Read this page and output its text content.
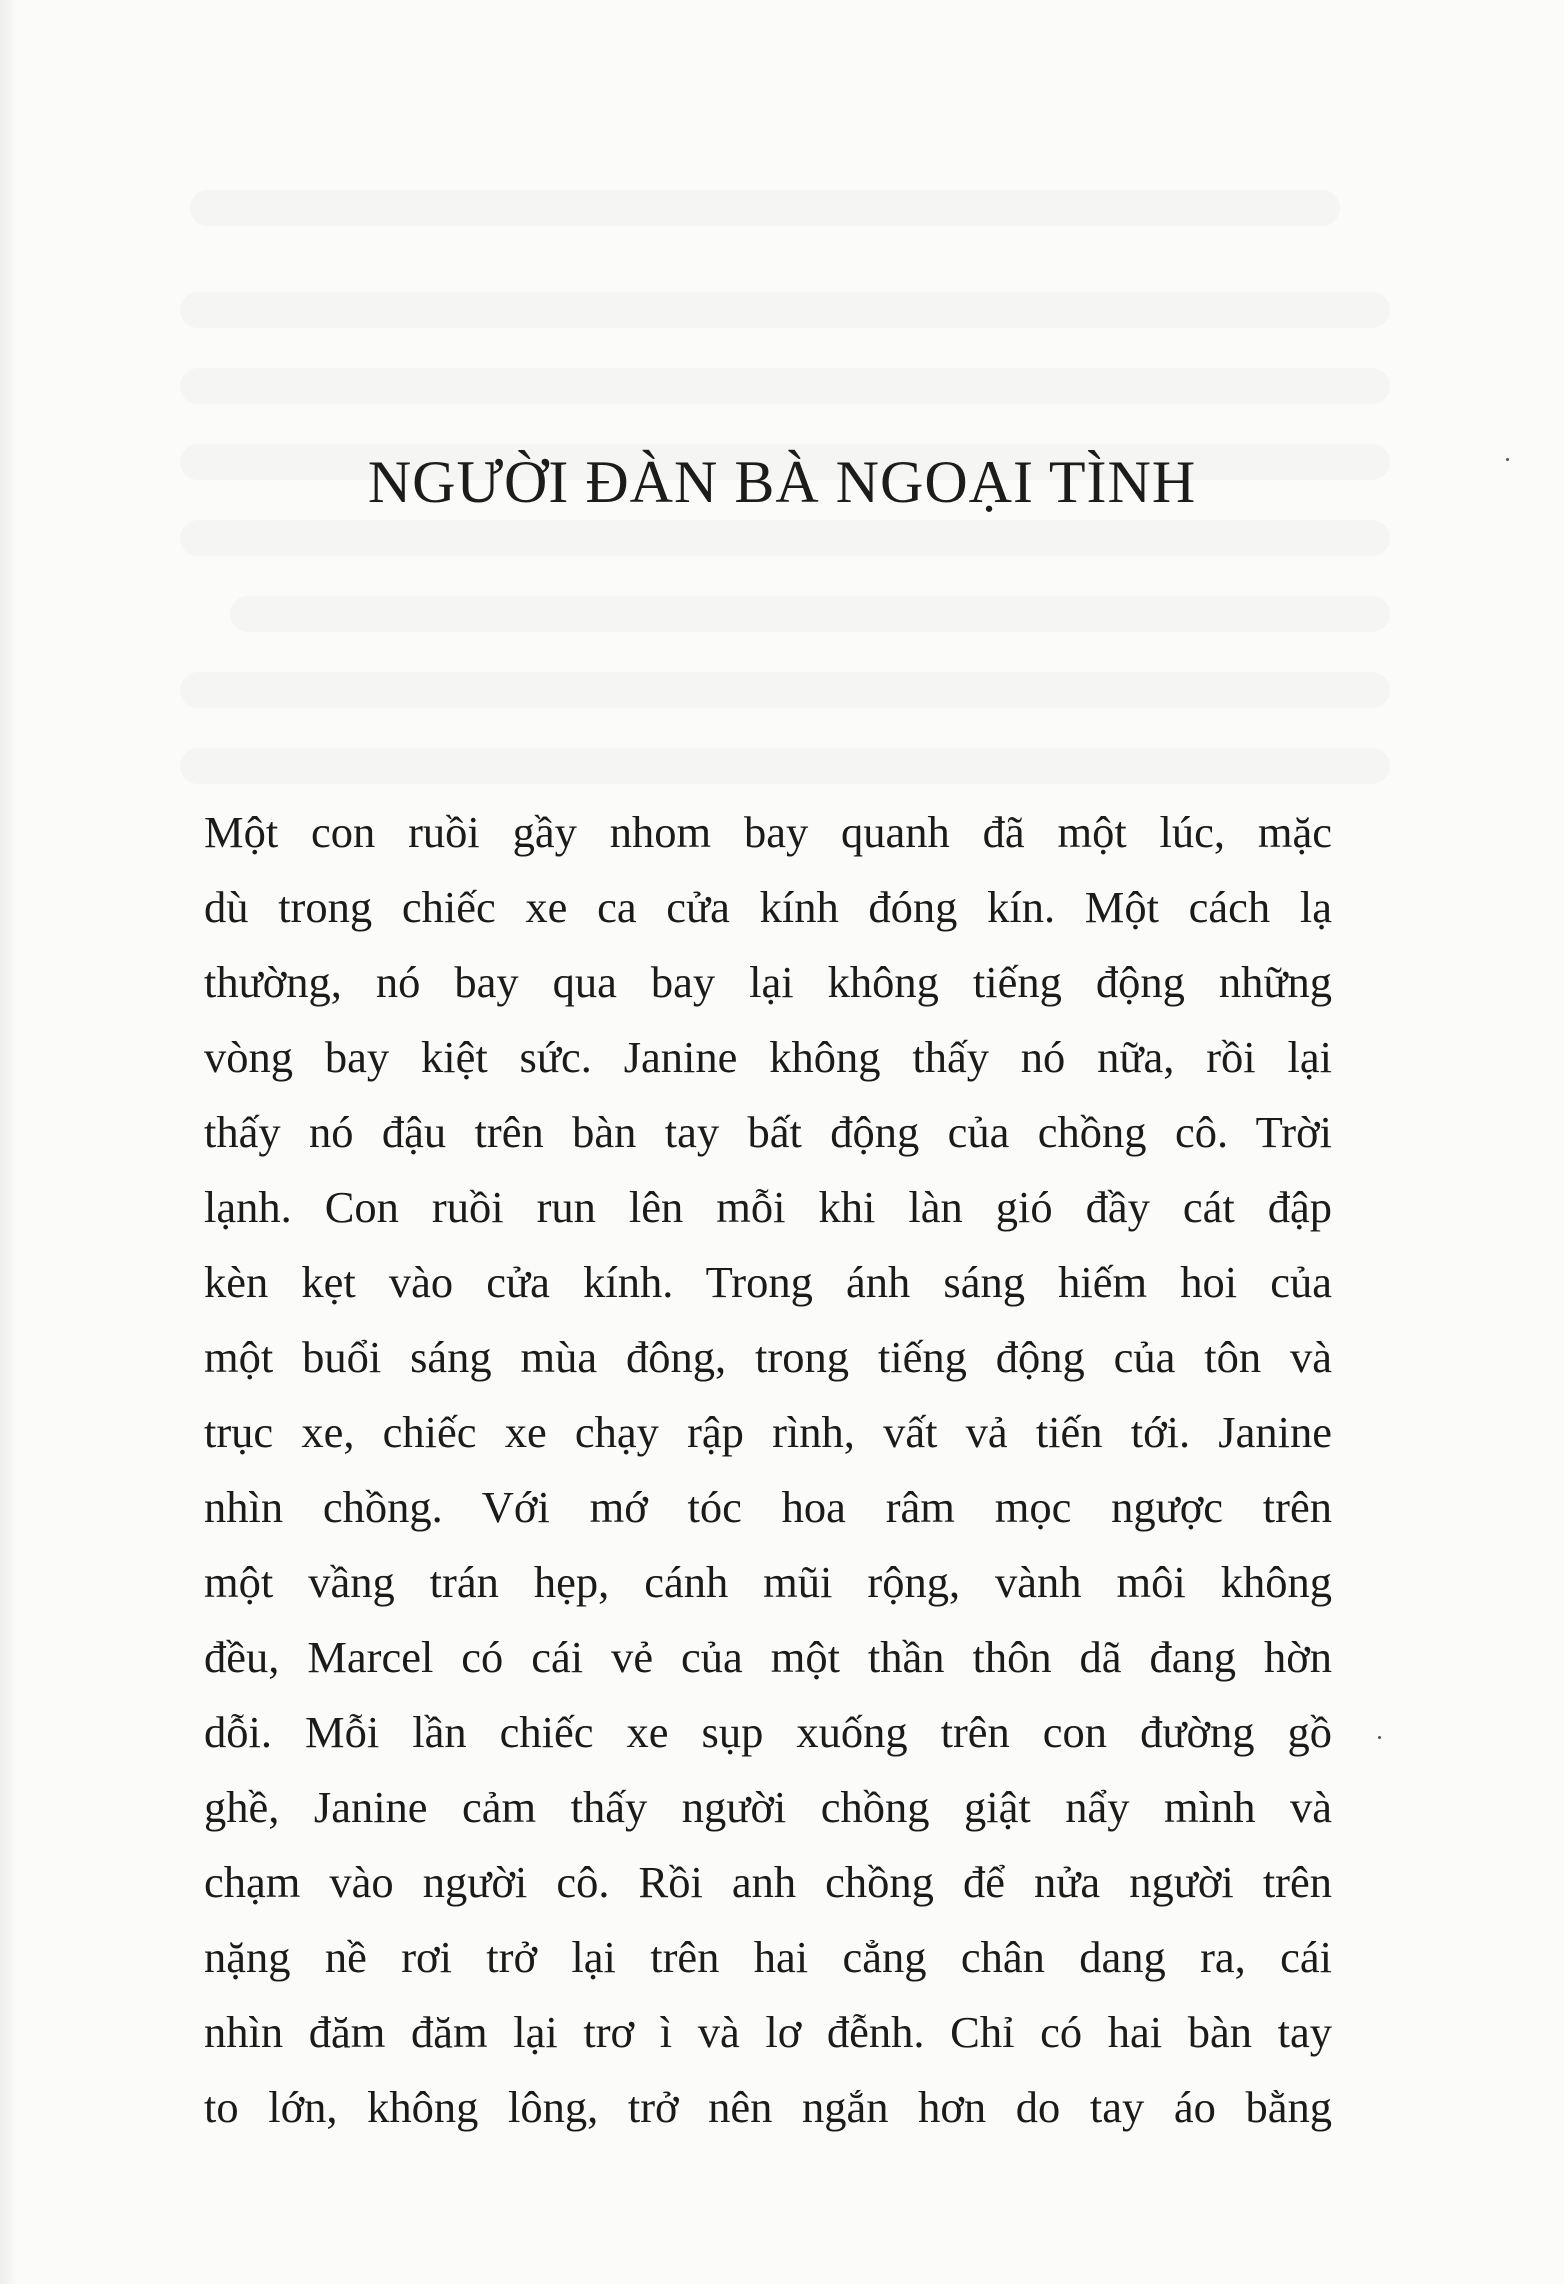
NGƯỜI ĐÀN BÀ NGOẠI TÌNH
Một con ruồi gầy nhom bay quanh đã một lúc, mặc
dù trong chiếc xe ca cửa kính đóng kín. Một cách lạ
thường, nó bay qua bay lại không tiếng động những
vòng bay kiệt sức. Janine không thấy nó nữa, rồi lại
thấy nó đậu trên bàn tay bất động của chồng cô. Trời
lạnh. Con ruồi run lên mỗi khi làn gió đầy cát đập
kèn kẹt vào cửa kính. Trong ánh sáng hiếm hoi của
một buổi sáng mùa đông, trong tiếng động của tôn và
trục xe, chiếc xe chạy rập rình, vất vả tiến tới. Janine
nhìn chồng. Với mớ tóc hoa râm mọc ngược trên
một vầng trán hẹp, cánh mũi rộng, vành môi không
đều, Marcel có cái vẻ của một thần thôn dã đang hờn
dỗi. Mỗi lần chiếc xe sụp xuống trên con đường gồ
ghề, Janine cảm thấy người chồng giật nẩy mình và
chạm vào người cô. Rồi anh chồng để nửa người trên
nặng nề rơi trở lại trên hai cẳng chân dang ra, cái
nhìn đăm đăm lại trơ ì và lơ đễnh. Chỉ có hai bàn tay
to lớn, không lông, trở nên ngắn hơn do tay áo bằng
